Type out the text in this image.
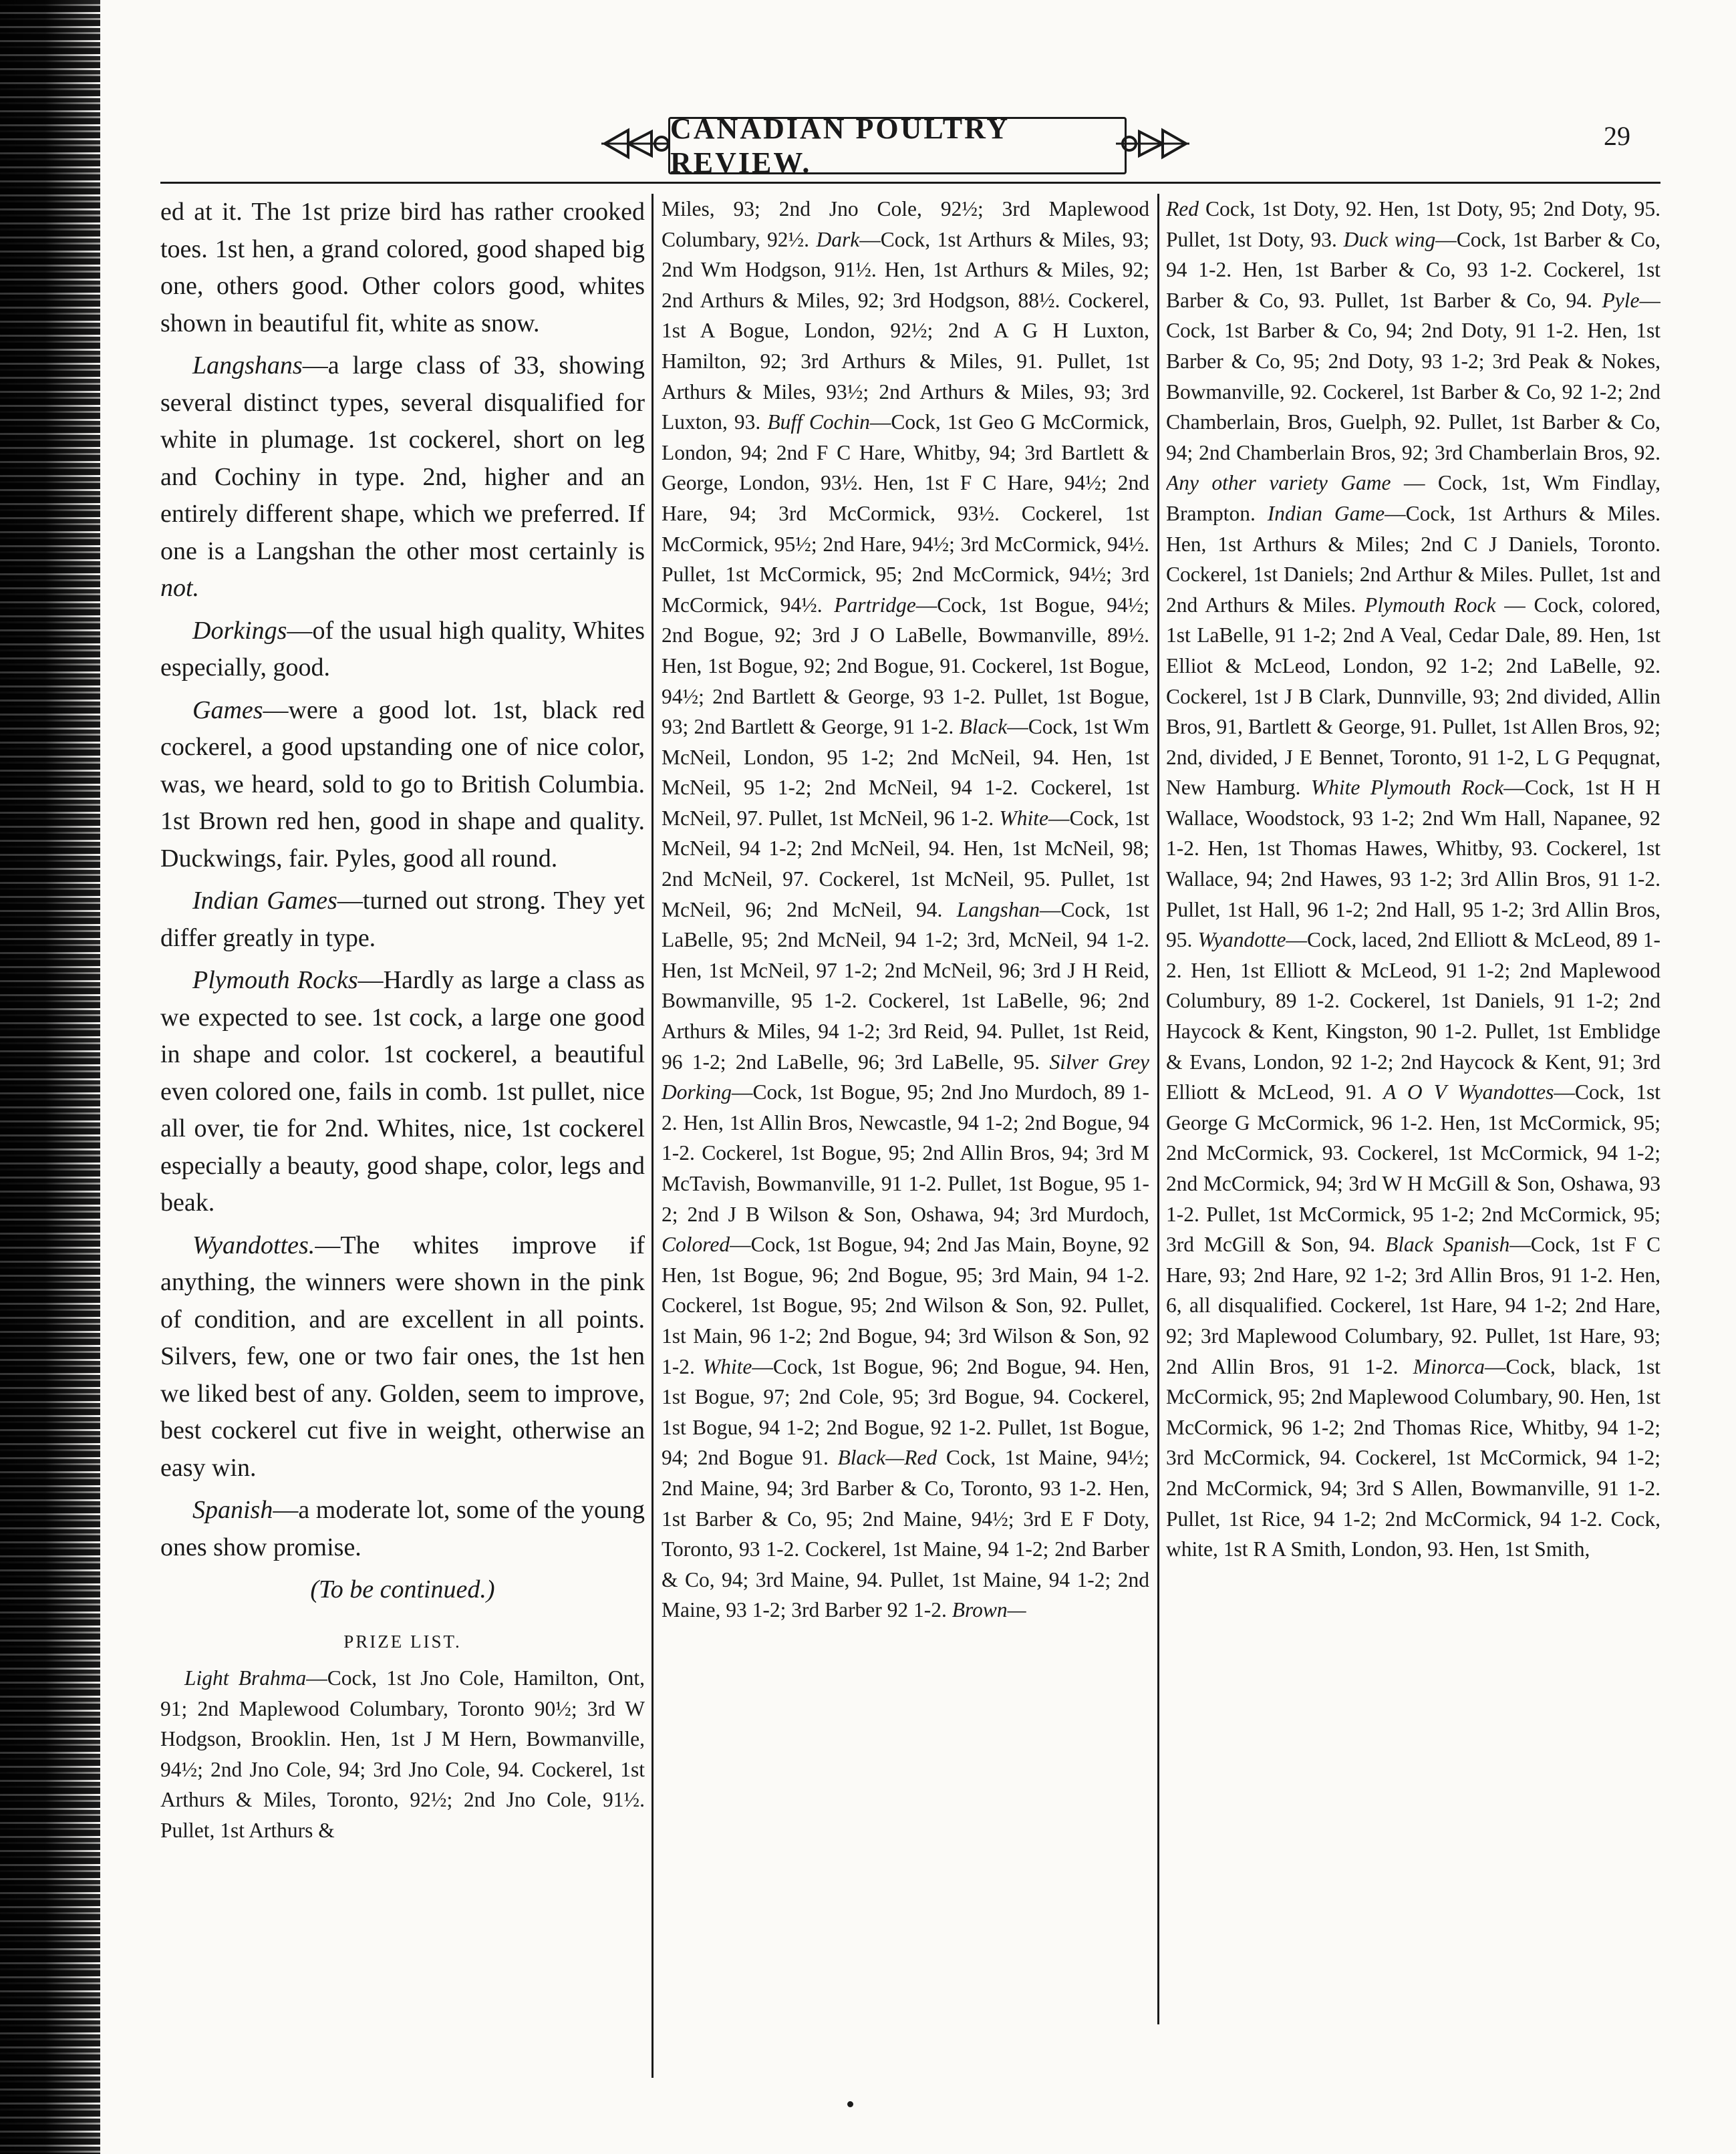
CANADIAN POULTRY REVIEW.
29

ed at it. The 1st prize bird has rather crooked toes. 1st hen, a grand colored, good shaped big one, others good. Other colors good, whites shown in beautiful fit, white as snow.

Langshans—a large class of 33, showing several distinct types, several disqualified for white in plumage. 1st cockerel, short on leg and Cochiny in type. 2nd, higher and an entirely different shape, which we preferred. If one is a Langshan the other most certainly is not.

Dorkings—of the usual high quality, Whites especially, good.

Games—were a good lot. 1st, black red cockerel, a good upstanding one of nice color, was, we heard, sold to go to British Columbia. 1st Brown red hen, good in shape and quality. Duckwings, fair. Pyles, good all round.

Indian Games—turned out strong. They yet differ greatly in type.

Plymouth Rocks—Hardly as large a class as we expected to see. 1st cock, a large one good in shape and color. 1st cockerel, a beautiful even colored one, fails in comb. 1st pullet, nice all over, tie for 2nd. Whites, nice, 1st cockerel especially a beauty, good shape, color, legs and beak.

Wyandottes.—The whites improve if anything, the winners were shown in the pink of condition, and are excellent in all points. Silvers, few, one or two fair ones, the 1st hen we liked best of any. Golden, seem to improve, best cockerel cut five in weight, otherwise an easy win.

Spanish—a moderate lot, some of the young ones show promise.

(To be continued.)

PRIZE LIST.

Light Brahma—Cock, 1st Jno Cole, Hamilton, Ont, 91; 2nd Maplewood Columbary, Toronto 90½; 3rd W Hodgson, Brooklin. Hen, 1st J M Hern, Bowmanville, 94½; 2nd Jno Cole, 94; 3rd Jno Cole, 94. Cockerel, 1st Arthurs & Miles, Toronto, 92½; 2nd Jno Cole, 91½. Pullet, 1st Arthurs &

Miles, 93; 2nd Jno Cole, 92½; 3rd Maplewood Columbary, 92½. Dark—Cock, 1st Arthurs & Miles, 93; 2nd Wm Hodgson, 91½. Hen, 1st Arthurs & Miles, 92; 2nd Arthurs & Miles, 92; 3rd Hodgson, 88½. Cockerel, 1st A Bogue, London, 92½; 2nd A G H Luxton, Hamilton, 92; 3rd Arthurs & Miles, 91. Pullet, 1st Arthurs & Miles, 93½; 2nd Arthurs & Miles, 93; 3rd Luxton, 93. Buff Cochin—Cock, 1st Geo G McCormick, London, 94; 2nd F C Hare, Whitby, 94; 3rd Bartlett & George, London, 93½. Hen, 1st F C Hare, 94½; 2nd Hare, 94; 3rd McCormick, 93½. Cockerel, 1st McCormick, 95½; 2nd Hare, 94½; 3rd McCormick, 94½. Pullet, 1st McCormick, 95; 2nd McCormick, 94½; 3rd McCormick, 94½. Partridge—Cock, 1st Bogue, 94½; 2nd Bogue, 92; 3rd J O LaBelle, Bowmanville, 89½. Hen, 1st Bogue, 92; 2nd Bogue, 91. Cockerel, 1st Bogue, 94½; 2nd Bartlett & George, 93 1-2. Pullet, 1st Bogue, 93; 2nd Bartlett & George, 91 1-2. Black—Cock, 1st Wm McNeil, London, 95 1-2; 2nd McNeil, 94. Hen, 1st McNeil, 95 1-2; 2nd McNeil, 94 1-2. Cockerel, 1st McNeil, 97. Pullet, 1st McNeil, 96 1-2. White—Cock, 1st McNeil, 94 1-2; 2nd McNeil, 94. Hen, 1st McNeil, 98; 2nd McNeil, 97. Cockerel, 1st McNeil, 95. Pullet, 1st McNeil, 96; 2nd McNeil, 94. Langshan—Cock, 1st LaBelle, 95; 2nd McNeil, 94 1-2; 3rd, McNeil, 94 1-2. Hen, 1st McNeil, 97 1-2; 2nd McNeil, 96; 3rd J H Reid, Bowmanville, 95 1-2. Cockerel, 1st LaBelle, 96; 2nd Arthurs & Miles, 94 1-2; 3rd Reid, 94. Pullet, 1st Reid, 96 1-2; 2nd LaBelle, 96; 3rd LaBelle, 95. Silver Grey Dorking—Cock, 1st Bogue, 95; 2nd Jno Murdoch, 89 1-2. Hen, 1st Allin Bros, Newcastle, 94 1-2; 2nd Bogue, 94 1-2. Cockerel, 1st Bogue, 95; 2nd Allin Bros, 94; 3rd M McTavish, Bowmanville, 91 1-2. Pullet, 1st Bogue, 95 1-2; 2nd J B Wilson & Son, Oshawa, 94; 3rd Murdoch, Colored—Cock, 1st Bogue, 94; 2nd Jas Main, Boyne, 92 Hen, 1st Bogue, 96; 2nd Bogue, 95; 3rd Main, 94 1-2. Cockerel, 1st Bogue, 95; 2nd Wilson & Son, 92. Pullet, 1st Main, 96 1-2; 2nd Bogue, 94; 3rd Wilson & Son, 92 1-2. White—Cock, 1st Bogue, 96; 2nd Bogue, 94. Hen, 1st Bogue, 97; 2nd Cole, 95; 3rd Bogue, 94. Cockerel, 1st Bogue, 94 1-2; 2nd Bogue, 92 1-2. Pullet, 1st Bogue, 94; 2nd Bogue 91. Black—Red Cock, 1st Maine, 94½; 2nd Maine, 94; 3rd Barber & Co, Toronto, 93 1-2. Hen, 1st Barber & Co, 95; 2nd Maine, 94½; 3rd E F Doty, Toronto, 93 1-2. Cockerel, 1st Maine, 94 1-2; 2nd Barber & Co, 94; 3rd Maine, 94. Pullet, 1st Maine, 94 1-2; 2nd Maine, 93 1-2; 3rd Barber 92 1-2. Brown—

Red Cock, 1st Doty, 92. Hen, 1st Doty, 95; 2nd Doty, 95. Pullet, 1st Doty, 93. Duck wing—Cock, 1st Barber & Co, 94 1-2. Hen, 1st Barber & Co, 93 1-2. Cockerel, 1st Barber & Co, 93. Pullet, 1st Barber & Co, 94. Pyle—Cock, 1st Barber & Co, 94; 2nd Doty, 91 1-2. Hen, 1st Barber & Co, 95; 2nd Doty, 93 1-2; 3rd Peak & Nokes, Bowmanville, 92. Cockerel, 1st Barber & Co, 92 1-2; 2nd Chamberlain, Bros, Guelph, 92. Pullet, 1st Barber & Co, 94; 2nd Chamberlain Bros, 92; 3rd Chamberlain Bros, 92. Any other variety Game — Cock, 1st, Wm Findlay, Brampton. Indian Game—Cock, 1st Arthurs & Miles. Hen, 1st Arthurs & Miles; 2nd C J Daniels, Toronto. Cockerel, 1st Daniels; 2nd Arthur & Miles. Pullet, 1st and 2nd Arthurs & Miles. Plymouth Rock — Cock, colored, 1st LaBelle, 91 1-2; 2nd A Veal, Cedar Dale, 89. Hen, 1st Elliot & McLeod, London, 92 1-2; 2nd LaBelle, 92. Cockerel, 1st J B Clark, Dunnville, 93; 2nd divided, Allin Bros, 91, Bartlett & George, 91. Pullet, 1st Allen Bros, 92; 2nd, divided, J E Bennet, Toronto, 91 1-2, L G Pequgnat, New Hamburg. White Plymouth Rock—Cock, 1st H H Wallace, Woodstock, 93 1-2; 2nd Wm Hall, Napanee, 92 1-2. Hen, 1st Thomas Hawes, Whitby, 93. Cockerel, 1st Wallace, 94; 2nd Hawes, 93 1-2; 3rd Allin Bros, 91 1-2. Pullet, 1st Hall, 96 1-2; 2nd Hall, 95 1-2; 3rd Allin Bros, 95. Wyandotte—Cock, laced, 2nd Elliott & McLeod, 89 1-2. Hen, 1st Elliott & McLeod, 91 1-2; 2nd Maplewood Columbury, 89 1-2. Cockerel, 1st Daniels, 91 1-2; 2nd Haycock & Kent, Kingston, 90 1-2. Pullet, 1st Emblidge & Evans, London, 92 1-2; 2nd Haycock & Kent, 91; 3rd Elliott & McLeod, 91. A O V Wyandottes—Cock, 1st George G McCormick, 96 1-2. Hen, 1st McCormick, 95; 2nd McCormick, 93. Cockerel, 1st McCormick, 94 1-2; 2nd McCormick, 94; 3rd W H McGill & Son, Oshawa, 93 1-2. Pullet, 1st McCormick, 95 1-2; 2nd McCormick, 95; 3rd McGill & Son, 94. Black Spanish—Cock, 1st F C Hare, 93; 2nd Hare, 92 1-2; 3rd Allin Bros, 91 1-2. Hen, 6, all disqualified. Cockerel, 1st Hare, 94 1-2; 2nd Hare, 92; 3rd Maplewood Columbary, 92. Pullet, 1st Hare, 93; 2nd Allin Bros, 91 1-2. Minorca—Cock, black, 1st McCormick, 95; 2nd Maplewood Columbary, 90. Hen, 1st McCormick, 96 1-2; 2nd Thomas Rice, Whitby, 94 1-2; 3rd McCormick, 94. Cockerel, 1st McCormick, 94 1-2; 2nd McCormick, 94; 3rd S Allen, Bowmanville, 91 1-2. Pullet, 1st Rice, 94 1-2; 2nd McCormick, 94 1-2. Cock, white, 1st R A Smith, London, 93. Hen, 1st Smith,
